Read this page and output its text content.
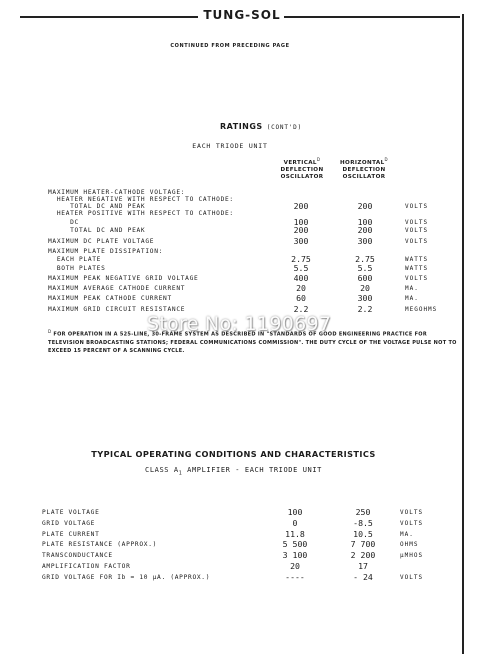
TUNG-SOL
CONTINUED FROM PRECEDING PAGE
RATINGS (CONT'D)
EACH TRIODE UNIT
$VERTICAL^D$
DEFLECTION
OSCILLATOR
$HORIZONTAL^D$
DEFLECTION
OSCILLATOR
MAXIMUM HEATER-CATHODE VOLTAGE:
HEATER NEGATIVE WITH RESPECT TO CATHODE:
TOTAL DC AND PEAK	200	200	VOLTS
HEATER POSITIVE WITH RESPECT TO CATHODE:
DC	100	100	VOLTS
TOTAL DC AND PEAK	200	200	VOLTS
MAXIMUM DC PLATE VOLTAGE	300	300	VOLTS
MAXIMUM PLATE DISSIPATION:
EACH PLATE	2.75	2.75	WATTS
BOTH PLATES	5.5	5.5	WATTS
MAXIMUM PEAK NEGATIVE GRID VOLTAGE	400	600	VOLTS
MAXIMUM AVERAGE CATHODE CURRENT	20	20	MA.
MAXIMUM PEAK CATHODE CURRENT	60	300	MA.
MAXIMUM GRID CIRCUIT RESISTANCE	2.2	2.2	MEGOHMS
Store No: 1190697
$^D$FOR OPERATION IN A 525-LINE, 30-FRAME SYSTEM AS DESCRIBED IN "STANDARDS OF GOOD ENGINEERING PRACTICE FOR TELEVISION BROADCASTING STATIONS; FEDERAL COMMUNICATIONS COMMISSION". THE DUTY CYCLE OF THE VOLTAGE PULSE NOT TO EXCEED 15 PERCENT OF A SCANNING CYCLE.
TYPICAL OPERATING CONDITIONS AND CHARACTERISTICS
CLASS $A_1$ AMPLIFIER - EACH TRIODE UNIT
PLATE VOLTAGE	100	250	VOLTS
GRID VOLTAGE	0	-8.5	VOLTS
PLATE CURRENT	11.8	10.5	MA.
PLATE RESISTANCE (APPROX.)	5 500	7 700	OHMS
TRANSCONDUCTANCE	3 100	2 200	µMHOS
AMPLIFICATION FACTOR	20	17
GRID VOLTAGE FOR Ib = 10 µA. (APPROX.)	----	- 24	VOLTS
